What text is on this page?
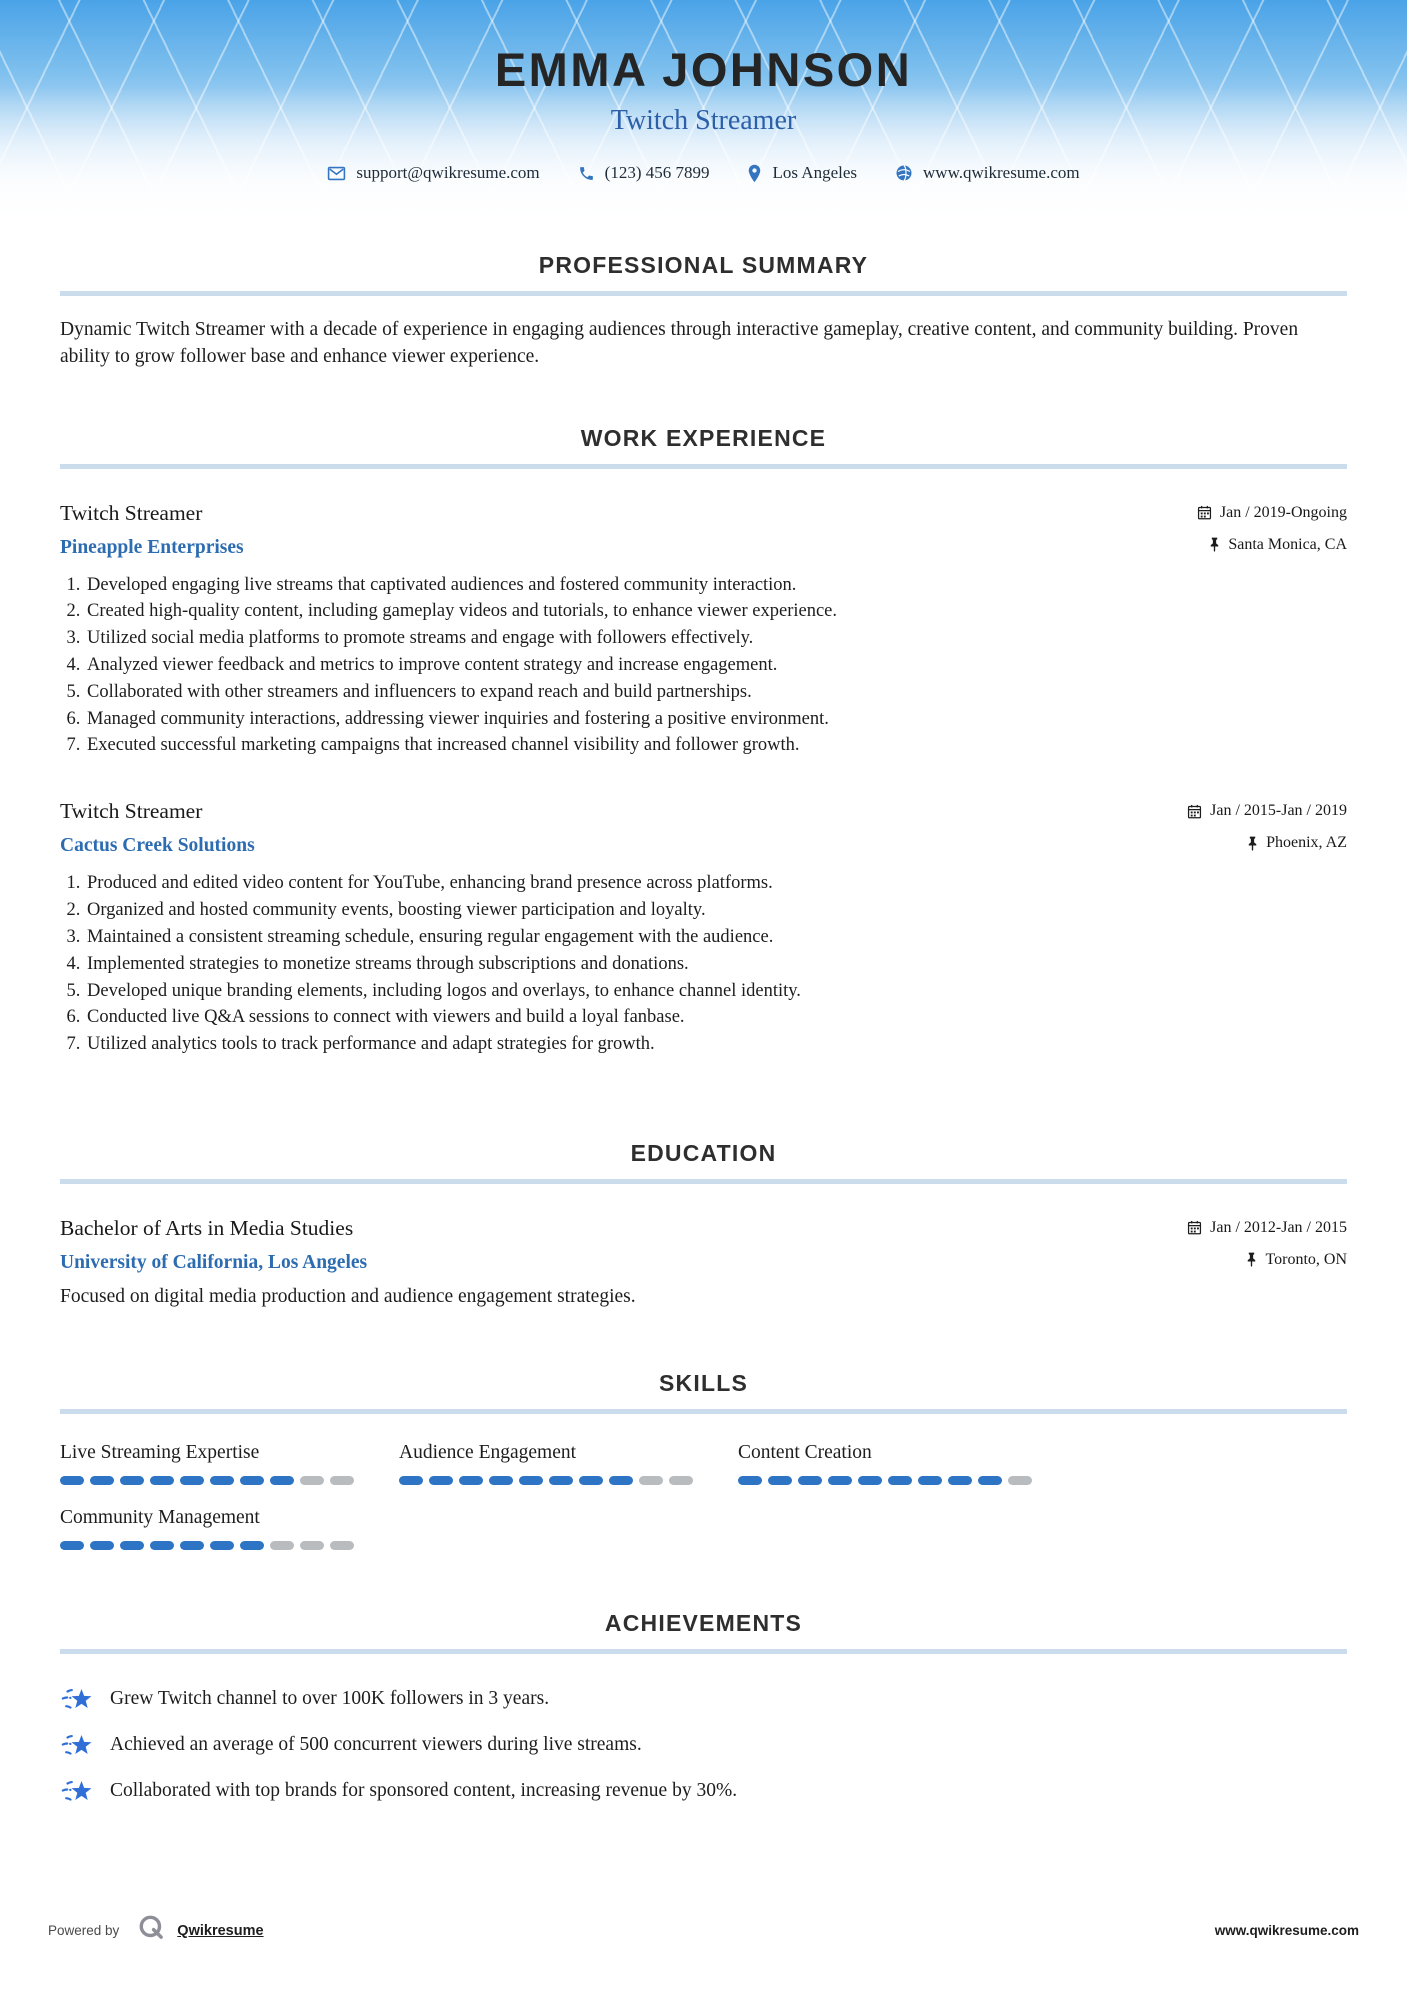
EMMA JOHNSON
Twitch Streamer
support@qwikresume.com	(123) 456 7899	Los Angeles	www.qwikresume.com
PROFESSIONAL SUMMARY
Dynamic Twitch Streamer with a decade of experience in engaging audiences through interactive gameplay, creative content, and community building. Proven ability to grow follower base and enhance viewer experience.
WORK EXPERIENCE
Twitch Streamer
Pineapple Enterprises
Jan / 2019-Ongoing
Santa Monica, CA
1. Developed engaging live streams that captivated audiences and fostered community interaction.
2. Created high-quality content, including gameplay videos and tutorials, to enhance viewer experience.
3. Utilized social media platforms to promote streams and engage with followers effectively.
4. Analyzed viewer feedback and metrics to improve content strategy and increase engagement.
5. Collaborated with other streamers and influencers to expand reach and build partnerships.
6. Managed community interactions, addressing viewer inquiries and fostering a positive environment.
7. Executed successful marketing campaigns that increased channel visibility and follower growth.
Twitch Streamer
Cactus Creek Solutions
Jan / 2015-Jan / 2019
Phoenix, AZ
1. Produced and edited video content for YouTube, enhancing brand presence across platforms.
2. Organized and hosted community events, boosting viewer participation and loyalty.
3. Maintained a consistent streaming schedule, ensuring regular engagement with the audience.
4. Implemented strategies to monetize streams through subscriptions and donations.
5. Developed unique branding elements, including logos and overlays, to enhance channel identity.
6. Conducted live Q&A sessions to connect with viewers and build a loyal fanbase.
7. Utilized analytics tools to track performance and adapt strategies for growth.
EDUCATION
Bachelor of Arts in Media Studies
University of California, Los Angeles
Focused on digital media production and audience engagement strategies.
Jan / 2012-Jan / 2015
Toronto, ON
SKILLS
Live Streaming Expertise	Audience Engagement	Content Creation
Community Management
ACHIEVEMENTS
Grew Twitch channel to over 100K followers in 3 years.
Achieved an average of 500 concurrent viewers during live streams.
Collaborated with top brands for sponsored content, increasing revenue by 30%.
Powered by	Qwikresume	www.qwikresume.com
